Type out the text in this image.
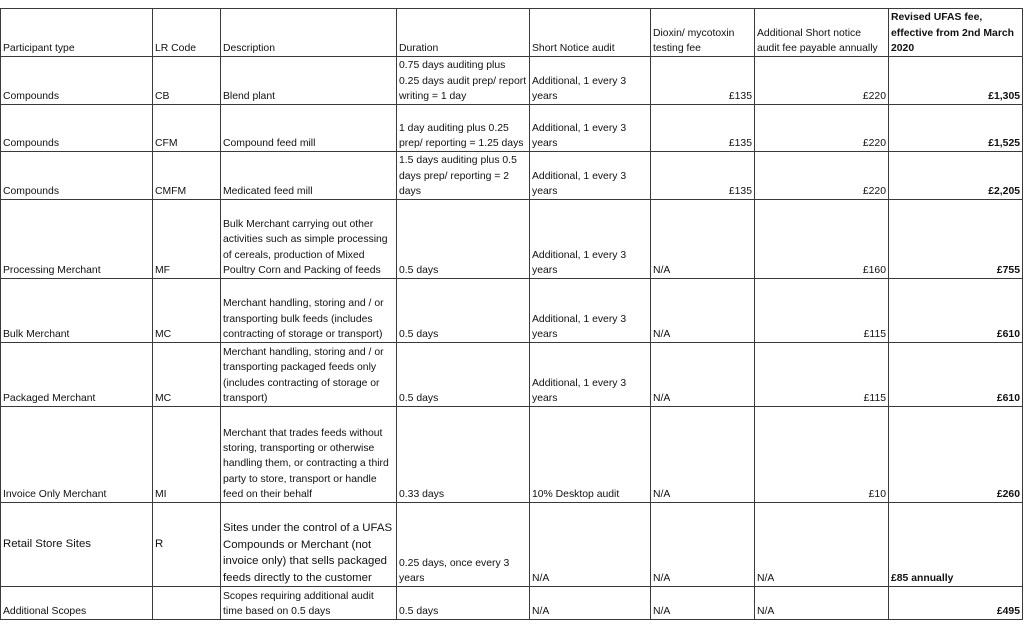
Participant type	LR Code	Description	Duration	Short Notice audit	Dioxin/ mycotoxin testing fee	Additional Short notice audit fee payable annually	Revised UFAS fee, effective from 2nd March 2020
Compounds	CB	Blend plant	0.75 days auditing plus 0.25 days audit prep/ report writing = 1 day	Additional, 1 every 3 years	£135	£220	£1,305
Compounds	CFM	Compound feed mill	1 day auditing plus 0.25 prep/ reporting = 1.25 days	Additional, 1 every 3 years	£135	£220	£1,525
Compounds	CMFM	Medicated feed mill	1.5 days auditing plus 0.5 days prep/ reporting = 2 days	Additional, 1 every 3 years	£135	£220	£2,205
Processing Merchant	MF	Bulk Merchant carrying out other activities such as simple processing of cereals, production of Mixed Poultry Corn and Packing of feeds	0.5 days	Additional, 1 every 3 years	N/A	£160	£755
Bulk Merchant	MC	Merchant handling, storing and / or transporting bulk feeds (includes contracting of storage or transport)	0.5 days	Additional, 1 every 3 years	N/A	£115	£610
Packaged Merchant	MC	Merchant handling, storing and / or transporting packaged feeds only (includes contracting of storage or transport)	0.5 days	Additional, 1 every 3 years	N/A	£115	£610
Invoice Only Merchant	MI	Merchant that trades feeds without storing, transporting or otherwise handling them, or contracting a third party to store, transport or handle feed on their behalf	0.33 days	10% Desktop audit	N/A	£10	£260
Retail Store Sites	R	Sites under the control of a UFAS Compounds or Merchant (not invoice only) that sells packaged feeds directly to the customer	0.25 days, once every 3 years	N/A	N/A	N/A	£85 annually
Additional Scopes		Scopes requiring additional audit time based on 0.5 days	0.5 days	N/A	N/A	N/A	£495
